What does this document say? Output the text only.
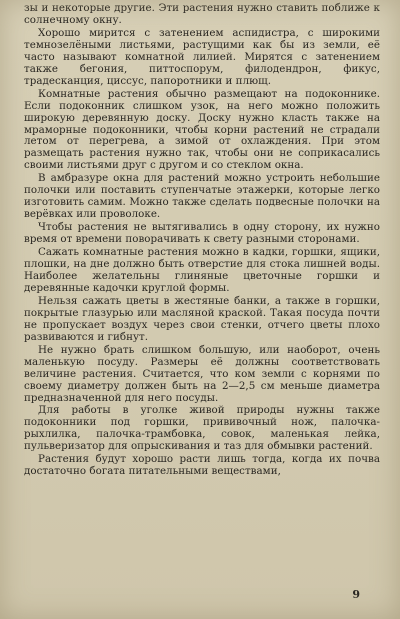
зы и некоторые другие. Эти растения нужно ставить поближе к солнечному окну.

Хорошо мирится с затенением аспидистра, с широкими темнозелёными листьями, растущими как бы из земли, её часто называют комнатной лилией. Мирятся с затенением также бегония, питтоспорум, филодендрон, фикус, традесканция, циссус, папоротники и плющ.

Комнатные растения обычно размещают на подоконнике. Если подоконник слишком узок, на него можно положить широкую деревянную доску. Доску нужно класть также на мраморные подоконники, чтобы корни растений не страдали летом от перегрева, а зимой от охлаждения. При этом размещать растения нужно так, чтобы они не соприкасались своими листьями друг с другом и со стеклом окна.

В амбразуре окна для растений можно устроить небольшие полочки или поставить ступенчатые этажерки, которые легко изготовить самим. Можно также сделать подвесные полочки на верёвках или проволоке.

Чтобы растения не вытягивались в одну сторону, их нужно время от времени поворачивать к свету разными сторонами.

Сажать комнатные растения можно в кадки, горшки, ящики, плошки, на дне должно быть отверстие для стока лишней воды. Наиболее желательны глиняные цветочные горшки и деревянные кадочки круглой формы.

Нельзя сажать цветы в жестяные банки, а также в горшки, покрытые глазурью или масляной краской. Такая посуда почти не пропускает воздух через свои стенки, отчего цветы плохо развиваются и гибнут.

Не нужно брать слишком большую, или наоборот, очень маленькую посуду. Размеры её должны соответствовать величине растения. Считается, что ком земли с корнями по своему диаметру должен быть на 2—2,5 см меньше диаметра предназначенной для него посуды.

Для работы в уголке живой природы нужны также подоконники под горшки, прививочный нож, палочка-рыхлилка, палочка-трамбовка, совок, маленькая лейка, пульверизатор для опрыскивания и таз для обмывки растений.

Растения будут хорошо расти лишь тогда, когда их почва достаточно богата питательными веществами,

9
